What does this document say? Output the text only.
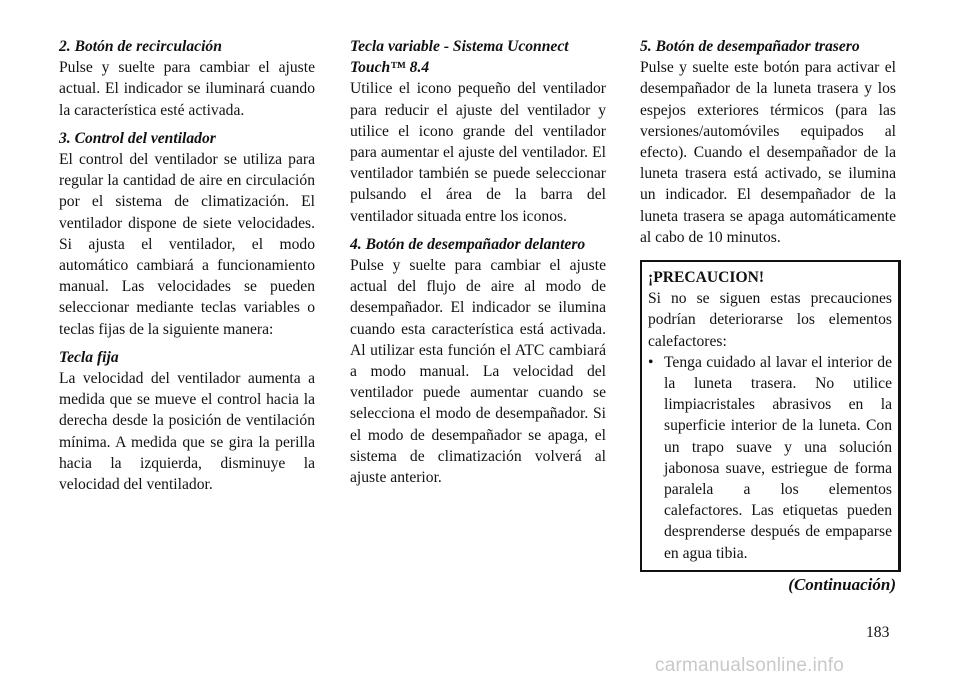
2. Botón de recirculación

Pulse y suelte para cambiar el ajuste actual. El indicador se iluminará cuando la característica esté activada.

3. Control del ventilador

El control del ventilador se utiliza para regular la cantidad de aire en circulación por el sistema de climatización. El ventilador dispone de siete velocidades. Si ajusta el ventilador, el modo automático cambiará a funcionamiento manual. Las velocidades se pueden seleccionar mediante teclas variables o teclas fijas de la siguiente manera:

Tecla fija

La velocidad del ventilador aumenta a medida que se mueve el control hacia la derecha desde la posición de ventilación mínima. A medida que se gira la perilla hacia la izquierda, disminuye la velocidad del ventilador.

Tecla variable - Sistema Uconnect Touch™ 8.4

Utilice el icono pequeño del ventilador para reducir el ajuste del ventilador y utilice el icono grande del ventilador para aumentar el ajuste del ventilador. El ventilador también se puede seleccionar pulsando el área de la barra del ventilador situada entre los iconos.

4. Botón de desempañador delantero

Pulse y suelte para cambiar el ajuste actual del flujo de aire al modo de desempañador. El indicador se ilumina cuando esta característica está activada. Al utilizar esta función el ATC cambiará a modo manual. La velocidad del ventilador puede aumentar cuando se selecciona el modo de desempañador. Si el modo de desempañador se apaga, el sistema de climatización volverá al ajuste anterior.

5. Botón de desempañador trasero

Pulse y suelte este botón para activar el desempañador de la luneta trasera y los espejos exteriores térmicos (para las versiones/automóviles equipados al efecto). Cuando el desempañador de la luneta trasera está activado, se ilumina un indicador. El desempañador de la luneta trasera se apaga automáticamente al cabo de 10 minutos.

¡PRECAUCION!

Si no se siguen estas precauciones podrían deteriorarse los elementos calefactores:

• Tenga cuidado al lavar el interior de la luneta trasera. No utilice limpiacristales abrasivos en la superficie interior de la luneta. Con un trapo suave y una solución jabonosa suave, estriegue de forma paralela a los elementos calefactores. Las etiquetas pueden desprenderse después de empaparse en agua tibia.
(Continuación)
183
carmanualsonline.info
